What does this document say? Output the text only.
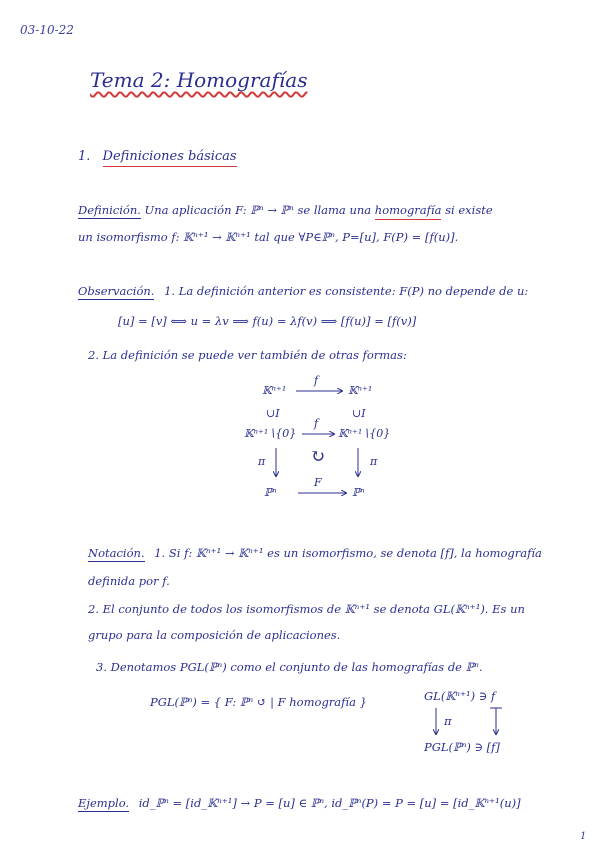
03-10-22
Tema 2: Homografías
1. Definiciones básicas
Definición. Una aplicación F: ℙⁿ → ℙⁿ se llama una homografía si existe
un isomorfismo f: 𝕂ⁿ⁺¹ → 𝕂ⁿ⁺¹ tal que ∀P∈ℙⁿ, P=[u], F(P) = [f(u)].
Observación. 1. La definición anterior es consistente: F(P) no depende de u:
[u] = [v] ⟺ u = λv ⟹ f(u) = λf(v) ⟹ [f(u)] = [f(v)]
2. La definición se puede ver también de otras formas:
𝕂ⁿ⁺¹
f
𝕂ⁿ⁺¹
∪I	∪I
𝕂ⁿ⁺¹∖{0}
f
𝕂ⁿ⁺¹∖{0}
π ↻	π
ℙⁿ
F
ℙⁿ
Notación. 1. Si f: 𝕂ⁿ⁺¹ → 𝕂ⁿ⁺¹ es un isomorfismo, se denota [f], la homografía
definida por f.
2. El conjunto de todos los isomorfismos de 𝕂ⁿ⁺¹ se denota GL(𝕂ⁿ⁺¹). Es un
grupo para la composición de aplicaciones.
3. Denotamos PGL(ℙⁿ) como el conjunto de las homografías de ℙⁿ.
PGL(ℙⁿ) = { F: ℙⁿ ↺ | F homografía }	GL(𝕂ⁿ⁺¹) ∋ f
π
PGL(ℙⁿ) ∋ [f]
Ejemplo. id_ℙⁿ = [id_𝕂ⁿ⁺¹] → P = [u] ∈ ℙⁿ, id_ℙⁿ(P) = P = [u] = [id_𝕂ⁿ⁺¹(u)]
1
